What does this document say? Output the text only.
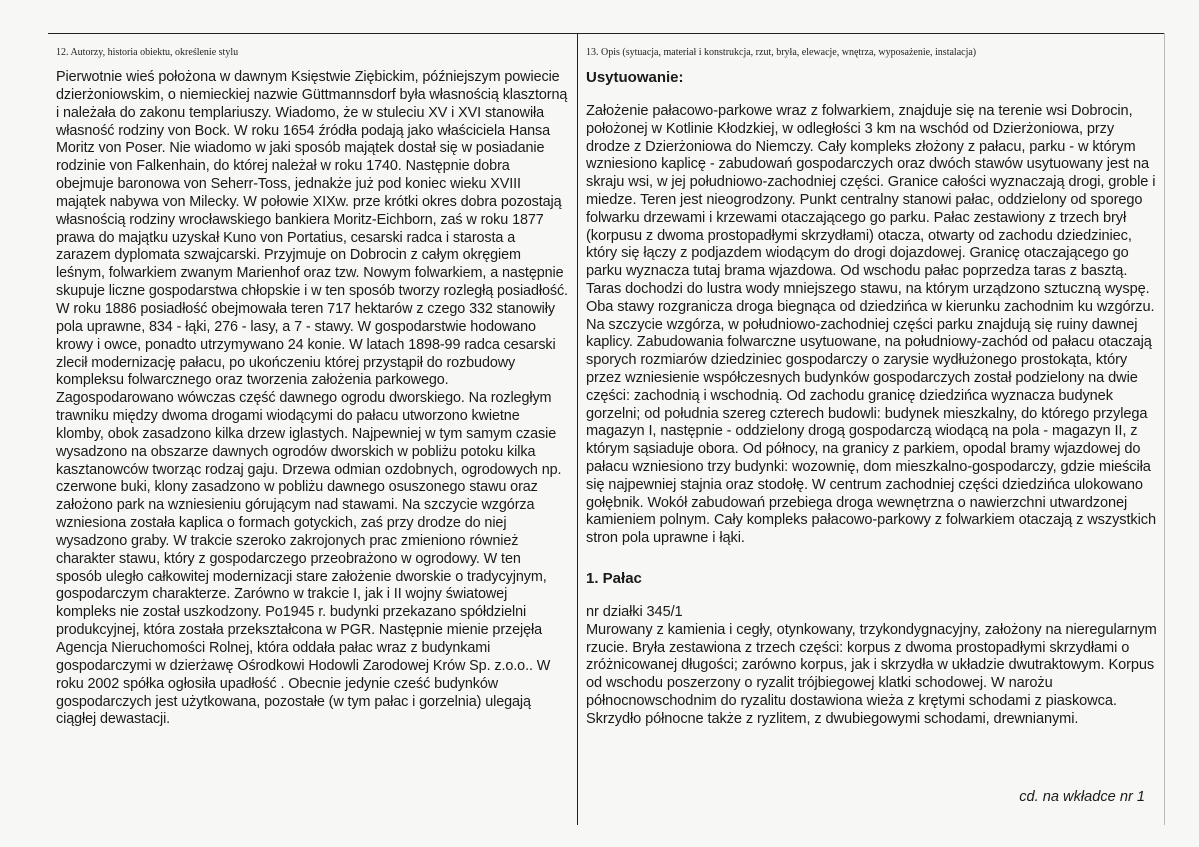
12. Autorzy, historia obiektu, określenie stylu

Pierwotnie wieś położona w dawnym Księstwie Ziębickim, późniejszym powiecie dzierżoniowskim, o niemieckiej nazwie Güttmannsdorf była własnością klasztorną i należała do zakonu templariuszy. Wiadomo, że w stuleciu XV i XVI stanowiła własność rodziny von Bock. W roku 1654 źródła podają jako właściciela Hansa Moritz von Poser. Nie wiadomo w jaki sposób majątek dostał się w posiadanie rodzinie von Falkenhain, do której należał w roku 1740. Następnie dobra obejmuje baronowa von Seherr-Toss, jednakże już pod koniec wieku XVIII majątek nabywa von Milecky. W połowie XIXw. prze krótki okres dobra pozostają własnością rodziny wrocławskiego bankiera Moritz-Eichborn, zaś w roku 1877 prawa do majątku uzyskał Kuno von Portatius, cesarski radca i starosta a zarazem dyplomata szwajcarski. Przyjmuje on Dobrocin z całym okręgiem leśnym, folwarkiem zwanym Marienhof oraz tzw. Nowym folwarkiem, a następnie skupuje liczne gospodarstwa chłopskie i w ten sposób tworzy rozległą posiadłość. W roku 1886 posiadłość obejmowała teren 717 hektarów z czego 332 stanowiły pola uprawne, 834 - łąki, 276 - lasy, a 7 - stawy. W gospodarstwie hodowano krowy i owce, ponadto utrzymywano 24 konie. W latach 1898-99 radca cesarski zlecił modernizację pałacu, po ukończeniu której przystąpił do rozbudowy kompleksu folwarcznego oraz tworzenia założenia parkowego. Zagospodarowano wówczas część dawnego ogrodu dworskiego. Na rozległym trawniku między dwoma drogami wiodącymi do pałacu utworzono kwietne klomby, obok zasadzono kilka drzew iglastych. Najpewniej w tym samym czasie wysadzono na obszarze dawnych ogrodów dworskich w pobliżu potoku kilka kasztanowców tworząc rodzaj gaju. Drzewa odmian ozdobnych, ogrodowych np. czerwone buki, klony zasadzono w pobliżu dawnego osuszonego stawu oraz założono park na wzniesieniu górującym nad stawami. Na szczycie wzgórza wzniesiona została kaplica o formach gotyckich, zaś przy drodze do niej wysadzono graby. W trakcie szeroko zakrojonych prac zmieniono również charakter stawu, który z gospodarczego przeobrażono w ogrodowy. W ten sposób uległo całkowitej modernizacji stare założenie dworskie o tradycyjnym, gospodarczym charakterze. Zarówno w trakcie I, jak i II wojny światowej kompleks nie został uszkodzony. Po1945 r. budynki przekazano spółdzielni produkcyjnej, która została przekształcona w PGR. Następnie mienie przejęła Agencja Nieruchomości Rolnej, która oddała pałac wraz z budynkami gospodarczymi w dzierżawę Ośrodkowi Hodowli Zarodowej Krów Sp. z.o.o.. W roku 2002 spółka ogłosiła upadłość . Obecnie jedynie cześć budynków gospodarczych jest użytkowana, pozostałe (w tym pałac i gorzelnia) ulegają ciągłej dewastacji.

13. Opis (sytuacja, materiał i konstrukcja, rzut, bryła, elewacje, wnętrza, wyposażenie, instalacja)
Usytuowanie:

Założenie pałacowo-parkowe wraz z folwarkiem, znajduje się na terenie wsi Dobrocin, położonej w Kotlinie Kłodzkiej, w odległości 3 km na wschód od Dzierżoniowa, przy drodze z Dzierżoniowa do Niemczy. Cały kompleks złożony z pałacu, parku - w którym wzniesiono kaplicę - zabudowań gospodarczych oraz dwóch stawów usytuowany jest na skraju wsi, w jej południowo-zachodniej części. Granice całości wyznaczają drogi, groble i miedze. Teren jest nieogrodzony. Punkt centralny stanowi pałac, oddzielony od sporego folwarku drzewami i krzewami otaczającego go parku. Pałac zestawiony z trzech brył (korpusu z dwoma prostopadłymi skrzydłami) otacza, otwarty od zachodu dziedziniec, który się łączy z podjazdem wiodącym do drogi dojazdowej. Granicę otaczającego go parku wyznacza tutaj brama wjazdowa. Od wschodu pałac poprzedza taras z basztą. Taras dochodzi do lustra wody mniejszego stawu, na którym urządzono sztuczną wyspę. Oba stawy rozgranicza droga biegnąca od dziedzińca w kierunku zachodnim ku wzgórzu. Na szczycie wzgórza, w południowo-zachodniej części parku znajdują się ruiny dawnej kaplicy. Zabudowania folwarczne usytuowane, na południowy-zachód od pałacu otaczają sporych rozmiarów dziedziniec gospodarczy o zarysie wydłużonego prostokąta, który przez wzniesienie współczesnych budynków gospodarczych został podzielony na dwie części: zachodnią i wschodnią. Od zachodu granicę dziedzińca wyznacza budynek gorzelni; od południa szereg czterech budowli: budynek mieszkalny, do którego przylega magazyn I, następnie - oddzielony drogą gospodarczą wiodącą na pola - magazyn II, z którym sąsiaduje obora. Od północy, na granicy z parkiem, opodal bramy wjazdowej do pałacu wzniesiono trzy budynki: wozownię, dom mieszkalno-gospodarczy, gdzie mieściła się najpewniej stajnia oraz stodołę. W centrum zachodniej części dziedzińca ulokowano gołębnik. Wokół zabudowań przebiega droga wewnętrzna o nawierzchni utwardzonej kamieniem polnym. Cały kompleks pałacowo-parkowy z folwarkiem otaczają z wszystkich stron pola uprawne i łąki.

1. Pałac

nr działki 345/1

Murowany z kamienia i cegły, otynkowany, trzykondygnacyjny, założony na nieregularnym rzucie. Bryła zestawiona z trzech części: korpus z dwoma prostopadłymi skrzydłami o zróżnicowanej długości; zarówno korpus, jak i skrzydła w układzie dwutraktowym. Korpus od wschodu poszerzony o ryzalit trójbiegowej klatki schodowej. W narożu północnowschodnim do ryzalitu dostawiona wieża z krętymi schodami z piaskowca. Skrzydło północne także z ryzlitem, z dwubiegowymi schodami, drewnianymi.

cd. na wkładce nr 1
